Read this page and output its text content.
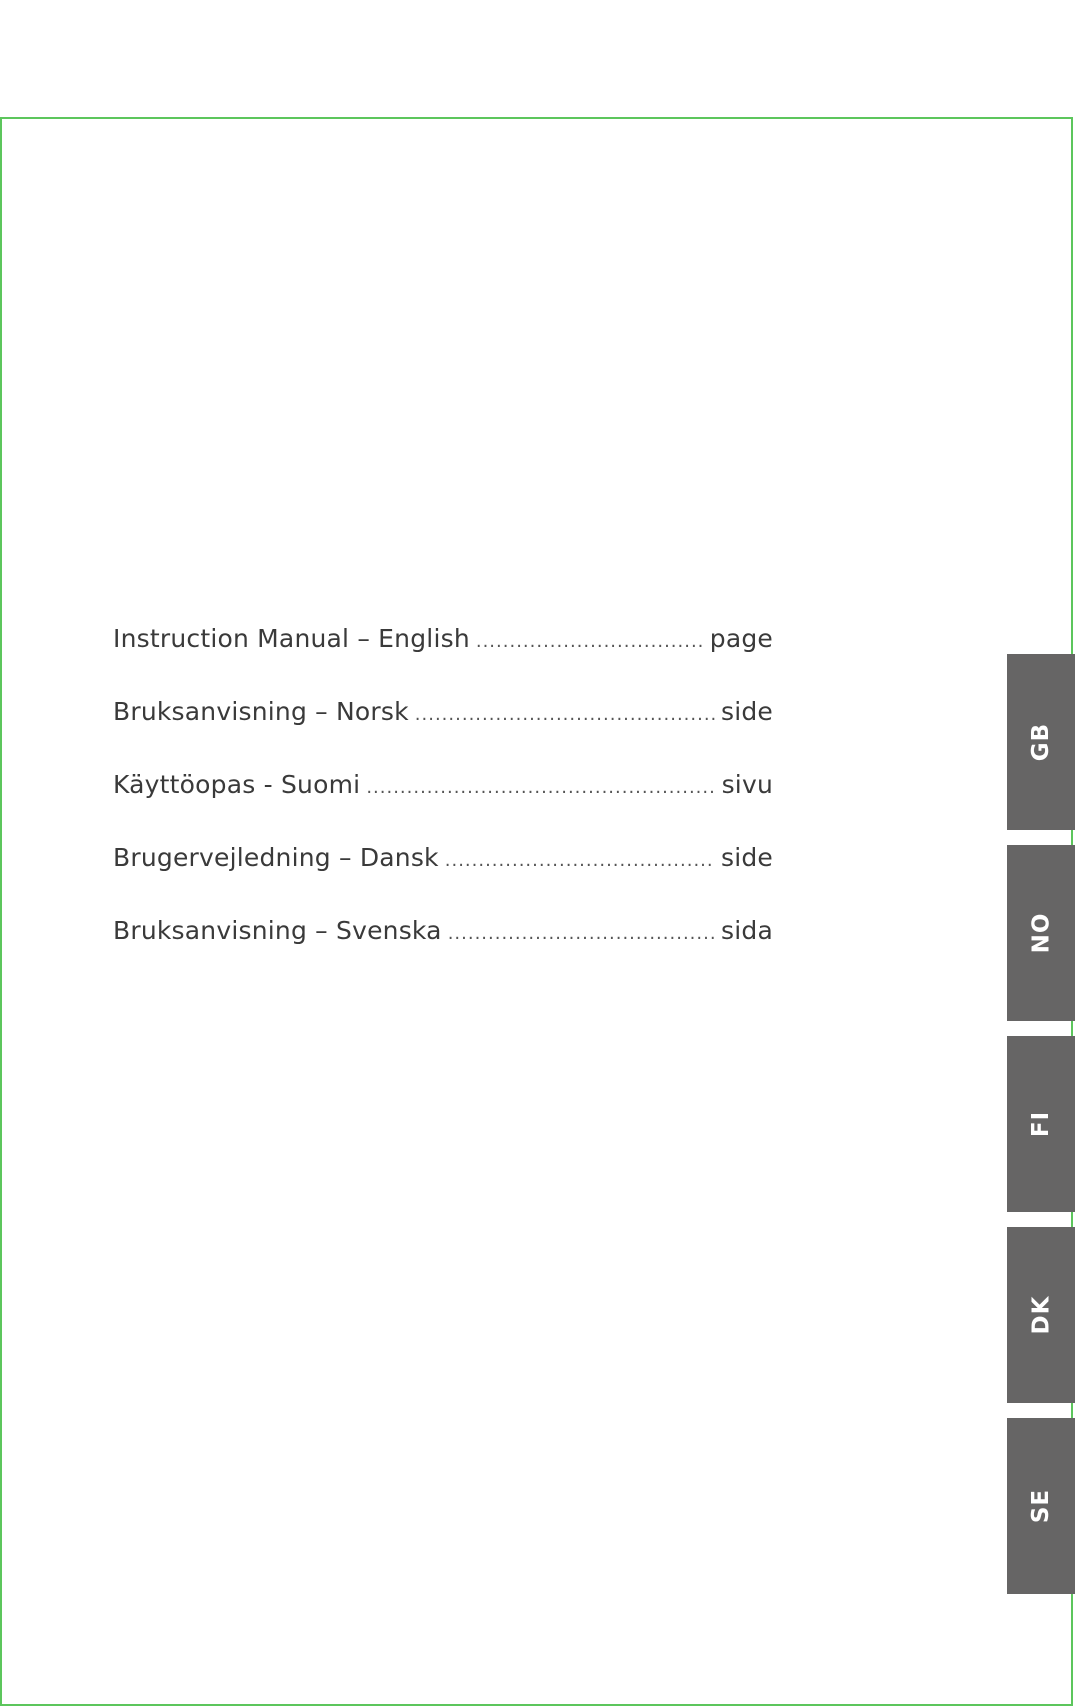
Instruction Manual – English .....	page
Bruksanvisning – Norsk .....	side
Käyttöopas - Suomi .....	sivu
Brugervejledning – Dansk .....	side
Bruksanvisning – Svenska .....	sida
GB
NO
FI
DK
SE
